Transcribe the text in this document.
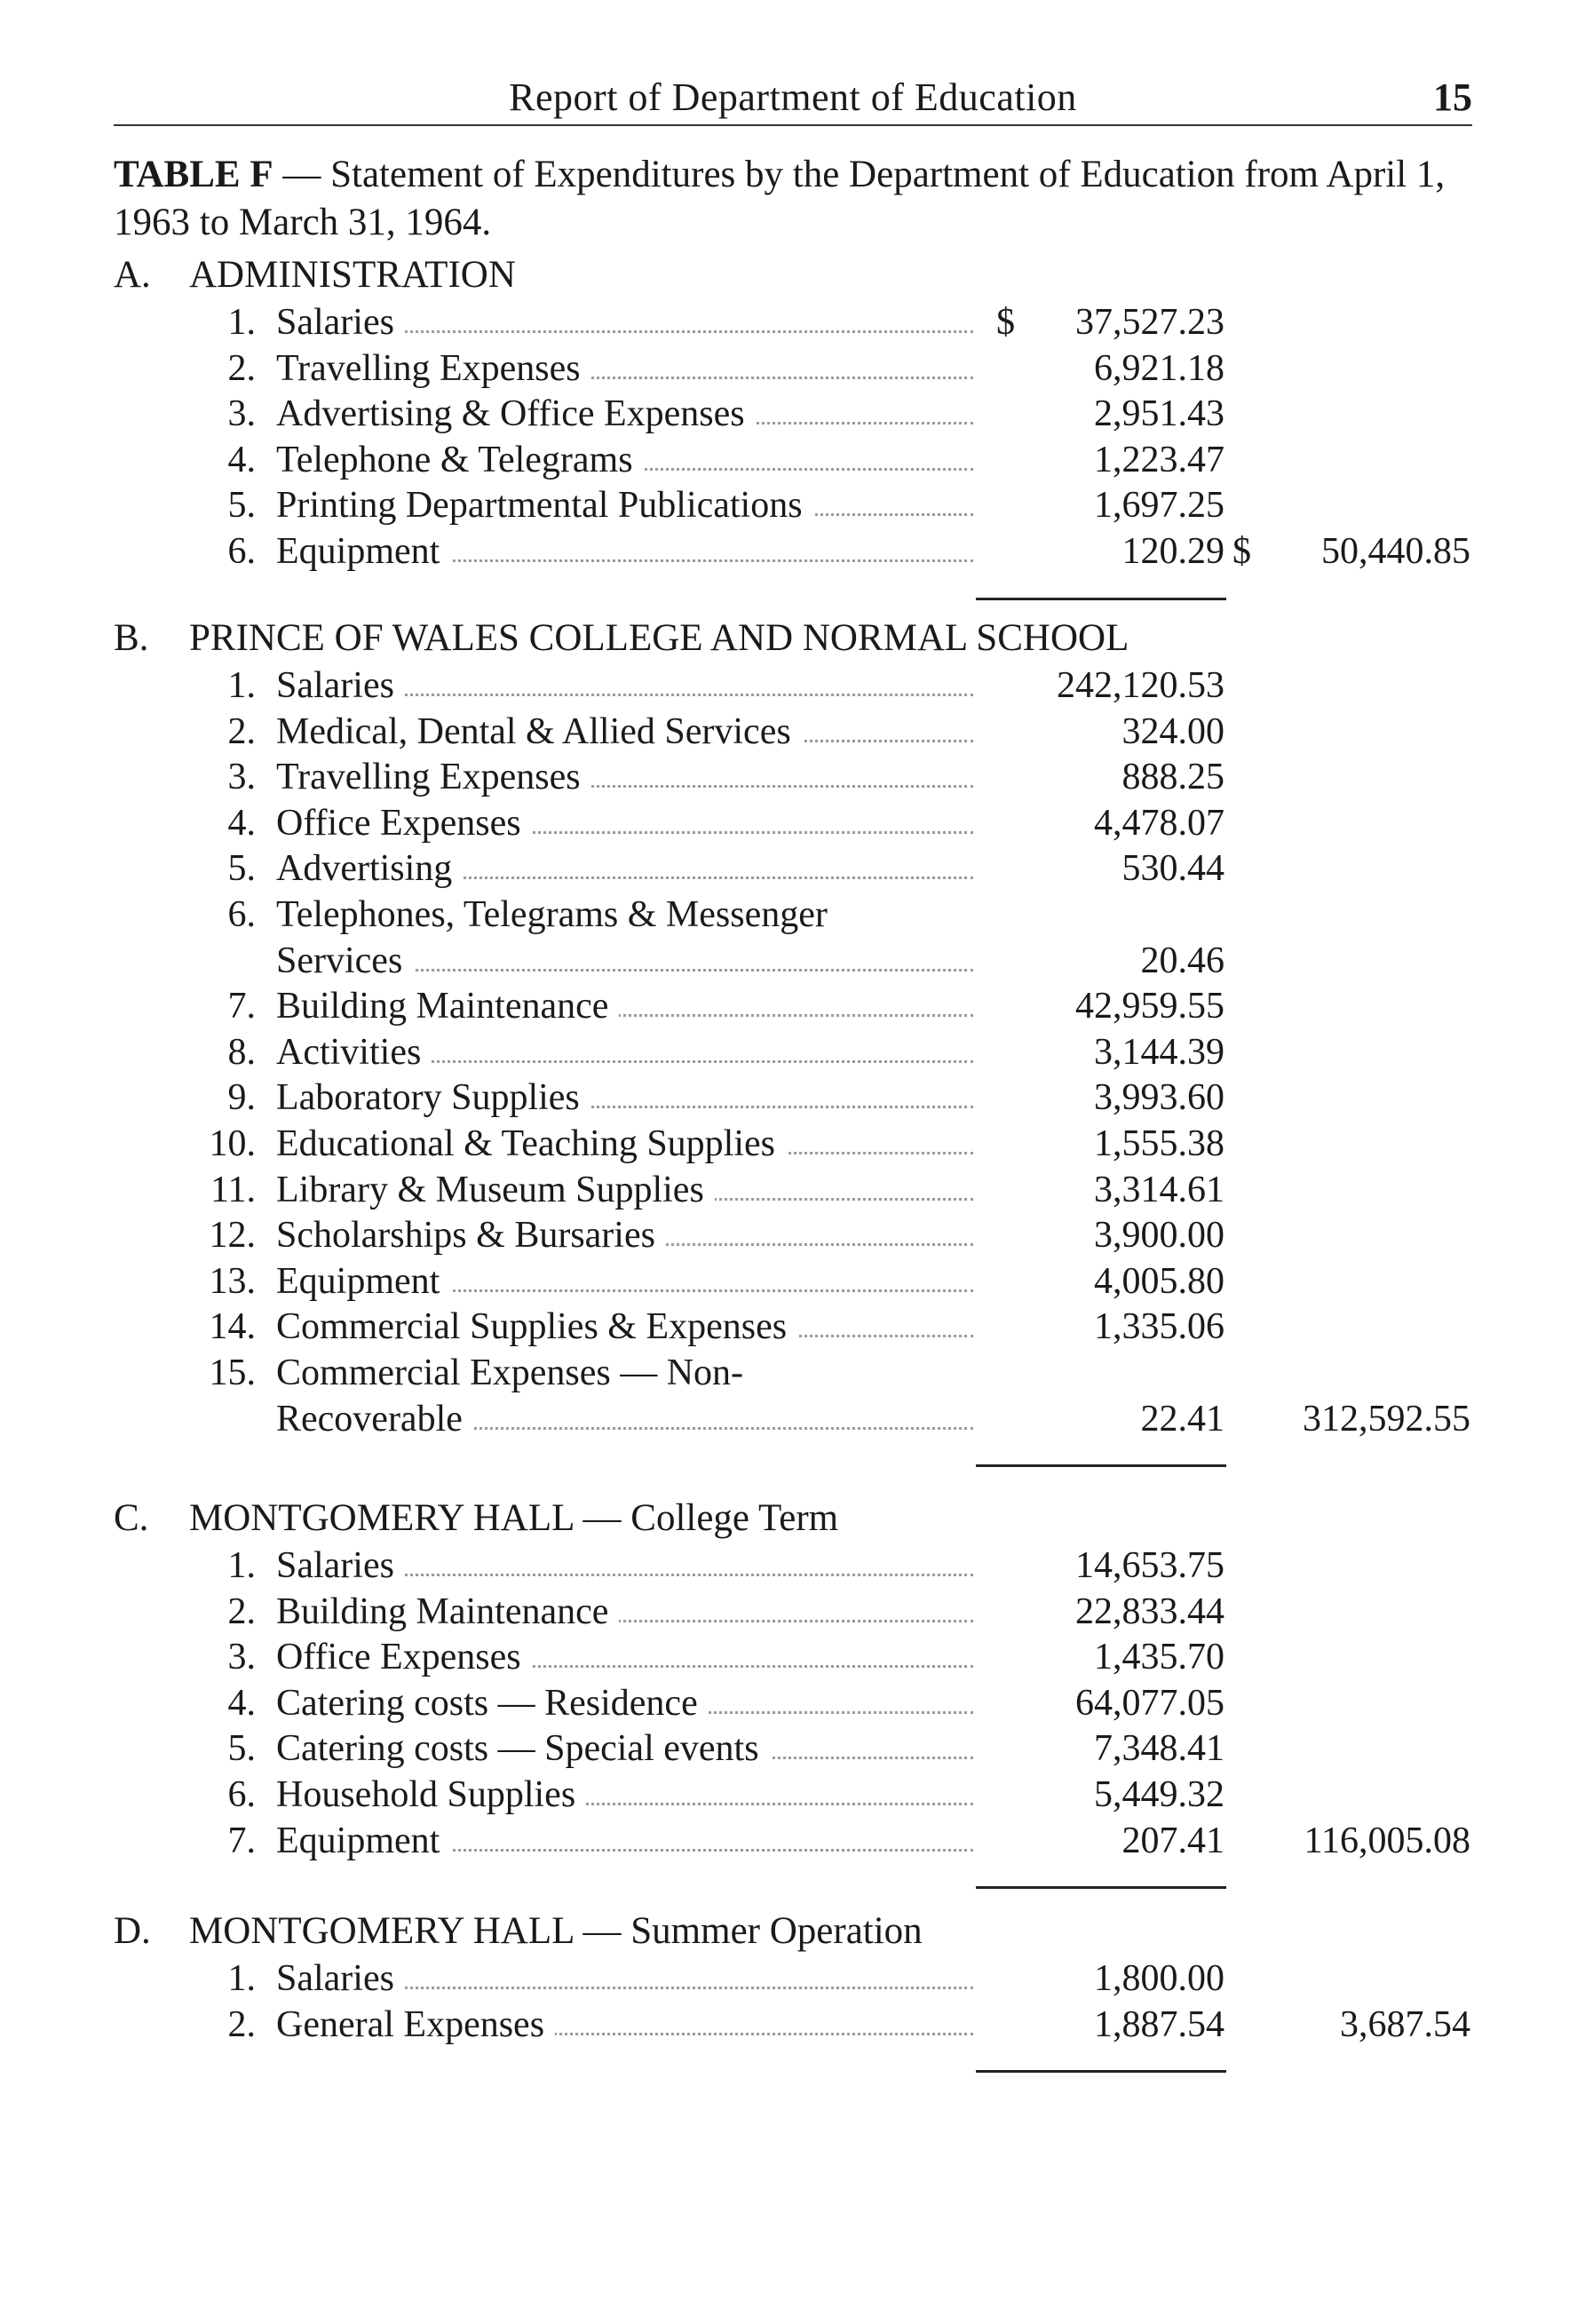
Report of Department of Education	15
TABLE F — Statement of Expenditures by the Department of Education from April 1, 1963 to March 31, 1964.
A. ADMINISTRATION
1. Salaries	$ 37,527.23
2. Travelling Expenses	6,921.18
3. Advertising & Office Expenses	2,951.43
4. Telephone & Telegrams	1,223.47
5. Printing Departmental Publications	1,697.25
6. Equipment	120.29 $ 50,440.85
B. PRINCE OF WALES COLLEGE AND NORMAL SCHOOL
1. Salaries	242,120.53
2. Medical, Dental & Allied Services	324.00
3. Travelling Expenses	888.25
4. Office Expenses	4,478.07
5. Advertising	530.44
6. Telephones, Telegrams & Messenger
Services	20.46
7. Building Maintenance	42,959.55
8. Activities	3,144.39
9. Laboratory Supplies	3,993.60
10. Educational & Teaching Supplies	1,555.38
11. Library & Museum Supplies	3,314.61
12. Scholarships & Bursaries	3,900.00
13. Equipment	4,005.80
14. Commercial Supplies & Expenses	1,335.06
15. Commercial Expenses — Non-
Recoverable	22.41 312,592.55
C. MONTGOMERY HALL — College Term
1. Salaries	14,653.75
2. Building Maintenance	22,833.44
3. Office Expenses	1,435.70
4. Catering costs — Residence	64,077.05
5. Catering costs — Special events	7,348.41
6. Household Supplies	5,449.32
7. Equipment	207.41 116,005.08
D. MONTGOMERY HALL — Summer Operation
1. Salaries	1,800.00
2. General Expenses	1,887.54	3,687.54
